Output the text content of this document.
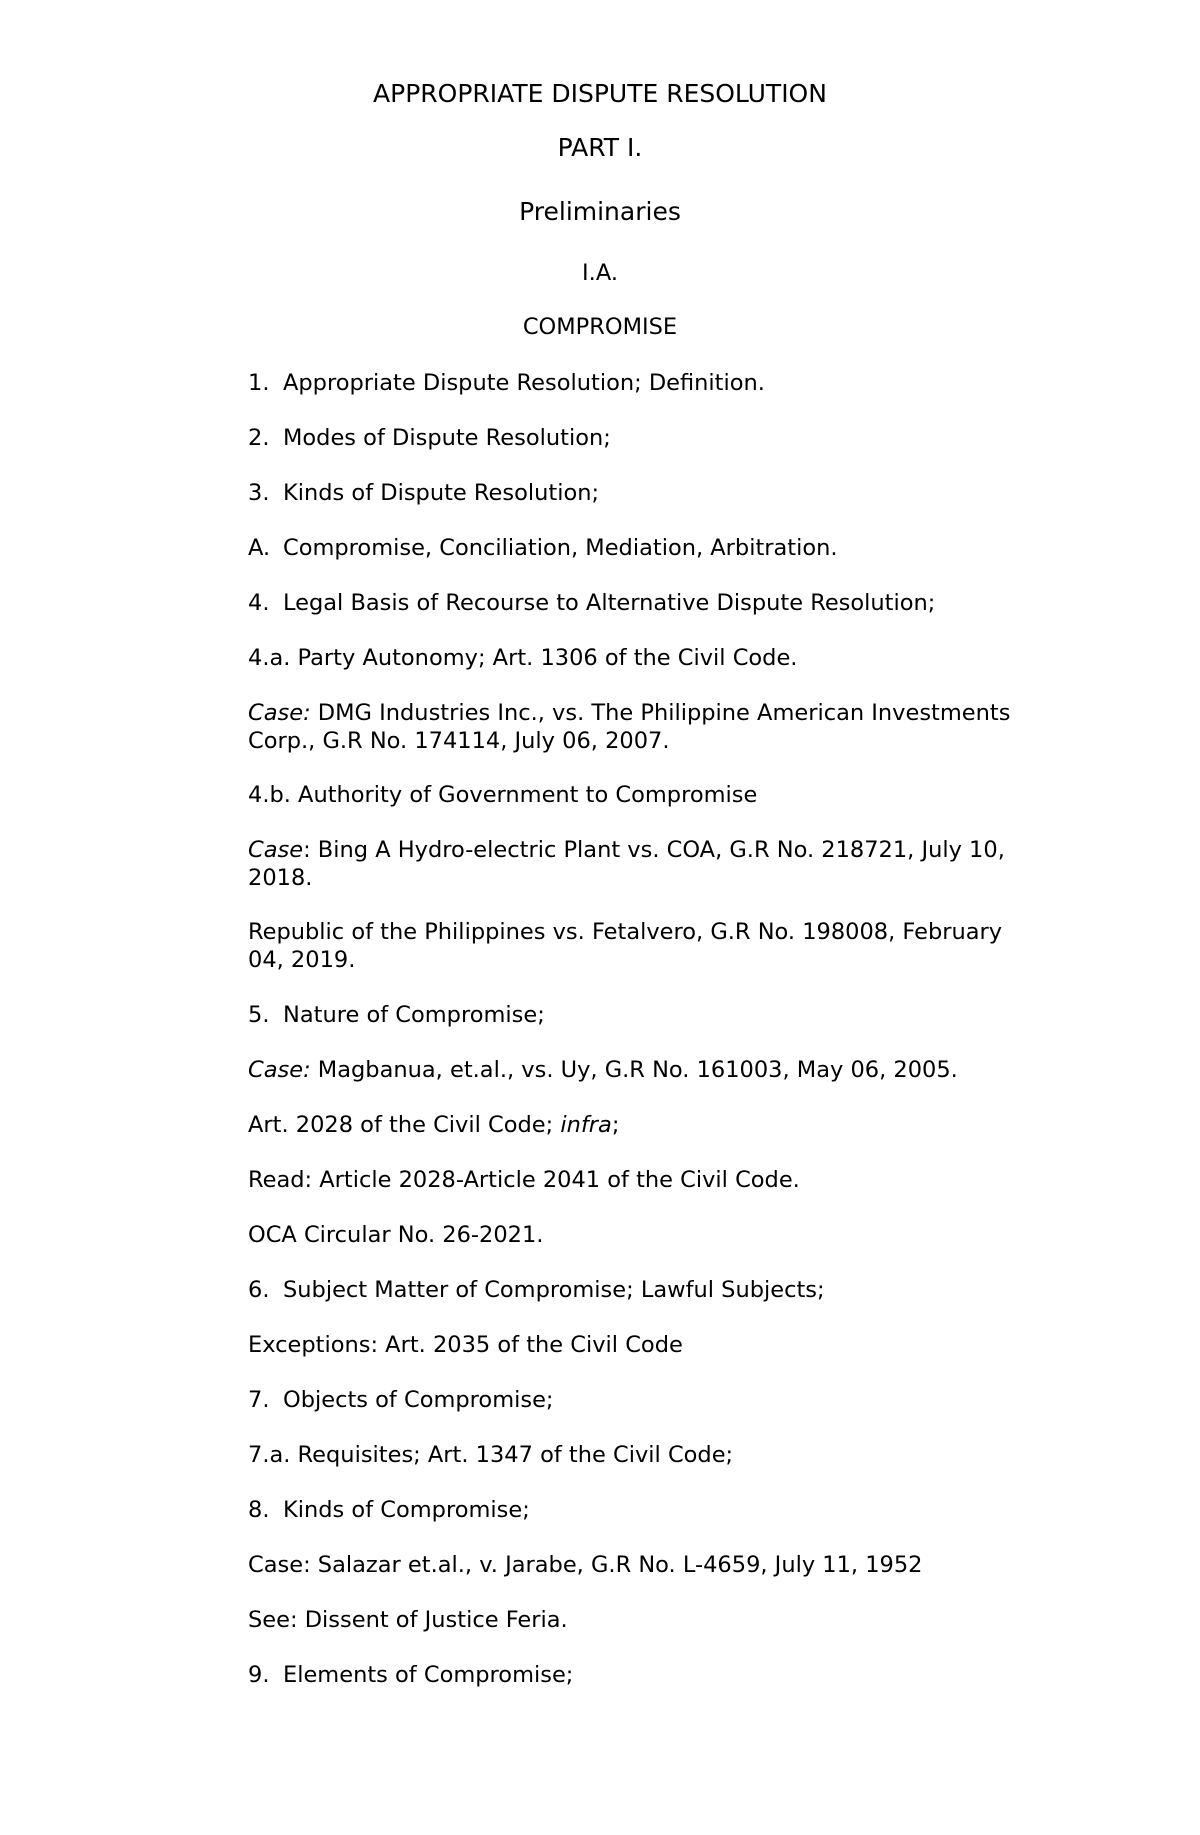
APPROPRIATE DISPUTE RESOLUTION

PART I.

Preliminaries

I.A.

COMPROMISE

1. Appropriate Dispute Resolution; Definition.

2. Modes of Dispute Resolution;

3. Kinds of Dispute Resolution;

A. Compromise, Conciliation, Mediation, Arbitration.

4. Legal Basis of Recourse to Alternative Dispute Resolution;

4.a. Party Autonomy; Art. 1306 of the Civil Code.

Case: DMG Industries Inc., vs. The Philippine American Investments
Corp., G.R No. 174114, July 06, 2007.

4.b. Authority of Government to Compromise

Case: Bing A Hydro-electric Plant vs. COA, G.R No. 218721, July 10,
2018.
Republic of the Philippines vs. Fetalvero, G.R No. 198008, February
04, 2019.

5. Nature of Compromise;

Case: Magbanua, et.al., vs. Uy, G.R No. 161003, May 06, 2005.

Art. 2028 of the Civil Code; infra;

Read: Article 2028-Article 2041 of the Civil Code.

OCA Circular No. 26-2021.

6. Subject Matter of Compromise; Lawful Subjects;

Exceptions: Art. 2035 of the Civil Code

7. Objects of Compromise;

7.a. Requisites; Art. 1347 of the Civil Code;

8. Kinds of Compromise;

Case: Salazar et.al., v. Jarabe, G.R No. L-4659, July 11, 1952

See: Dissent of Justice Feria.

9. Elements of Compromise;
